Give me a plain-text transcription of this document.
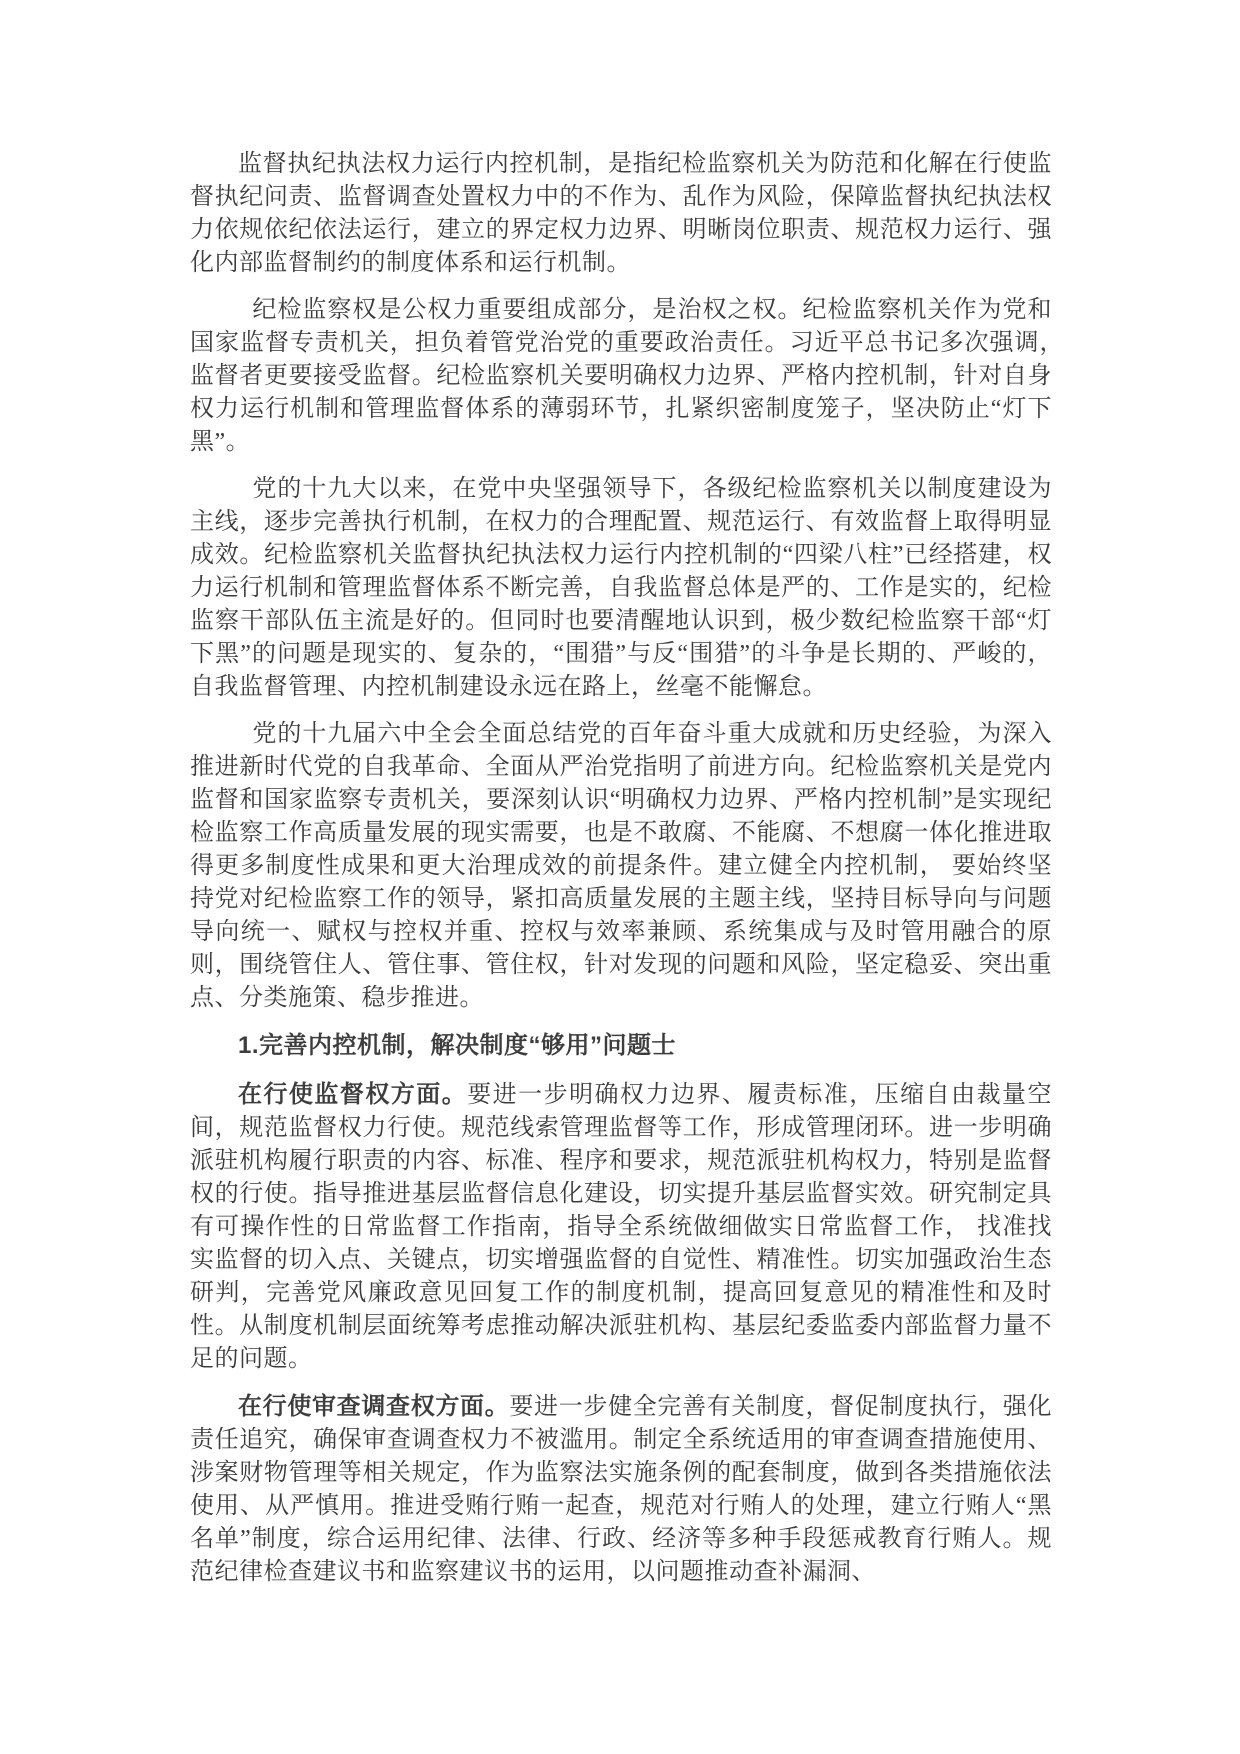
监督执纪执法权力运行内控机制，是指纪检监察机关为防范和化解在行使监督执纪问责、监督调查处置权力中的不作为、乱作为风险，保障监督执纪执法权力依规依纪依法运行，建立的界定权力边界、明晰岗位职责、规范权力运行、强化内部监督制约的制度体系和运行机制。

纪检监察权是公权力重要组成部分，是治权之权。纪检监察机关作为党和国家监督专责机关，担负着管党治党的重要政治责任。习近平总书记多次强调，　监督者更要接受监督。纪检监察机关要明确权力边界、严格内控机制，针对自身权力运行机制和管理监督体系的薄弱环节，扎紧织密制度笼子，坚决防止“灯下黑”。

党的十九大以来，在党中央坚强领导下，各级纪检监察机关以制度建设为主线，逐步完善执行机制，在权力的合理配置、规范运行、有效监督上取得明显成效。纪检监察机关监督执纪执法权力运行内控机制的“四梁八柱”已经搭建，权力运行机制和管理监督体系不断完善，自我监督总体是严的、工作是实的，纪检监察干部队伍主流是好的。但同时也要清醒地认识到，极少数纪检监察干部“灯下黑”的问题是现实的、复杂的，“围猎”与反“围猎”的斗争是长期的、严峻的，自我监督管理、内控机制建设永远在路上，丝毫不能懈怠。

党的十九届六中全会全面总结党的百年奋斗重大成就和历史经验，为深入推进新时代党的自我革命、全面从严治党指明了前进方向。纪检监察机关是党内监督和国家监察专责机关，要深刻认识“明确权力边界、严格内控机制”是实现纪检监察工作高质量发展的现实需要，也是不敢腐、不能腐、不想腐一体化推进取得更多制度性成果和更大治理成效的前提条件。建立健全内控机制， 要始终坚持党对纪检监察工作的领导，紧扣高质量发展的主题主线，坚持目标导向与问题导向统一、赋权与控权并重、控权与效率兼顾、系统集成与及时管用融合的原则，围绕管住人、管住事、管住权，针对发现的问题和风险，坚定稳妥、突出重点、分类施策、稳步推进。

1.完善内控机制，解决制度“够用”问题士

在行使监督权方面。要进一步明确权力边界、履责标准，压缩自由裁量空间，规范监督权力行使。规范线索管理监督等工作，形成管理闭环。进一步明确派驻机构履行职责的内容、标准、程序和要求，规范派驻机构权力，特别是监督权的行使。指导推进基层监督信息化建设，切实提升基层监督实效。研究制定具有可操作性的日常监督工作指南，指导全系统做细做实日常监督工作， 找准找实监督的切入点、关键点，切实增强监督的自觉性、精准性。切实加强政治生态研判，完善党风廉政意见回复工作的制度机制，提高回复意见的精准性和及时性。从制度机制层面统筹考虑推动解决派驻机构、基层纪委监委内部监督力量不足的问题。

在行使审查调查权方面。要进一步健全完善有关制度，督促制度执行，强化责任追究，确保审查调查权力不被滥用。制定全系统适用的审查调查措施使用、涉案财物管理等相关规定，作为监察法实施条例的配套制度，做到各类措施依法使用、从严慎用。推进受贿行贿一起查，规范对行贿人的处理，建立行贿人“黑名单”制度，综合运用纪律、法律、行政、经济等多种手段惩戒教育行贿人。规范纪律检查建议书和监察建议书的运用，以问题推动查补漏洞、
